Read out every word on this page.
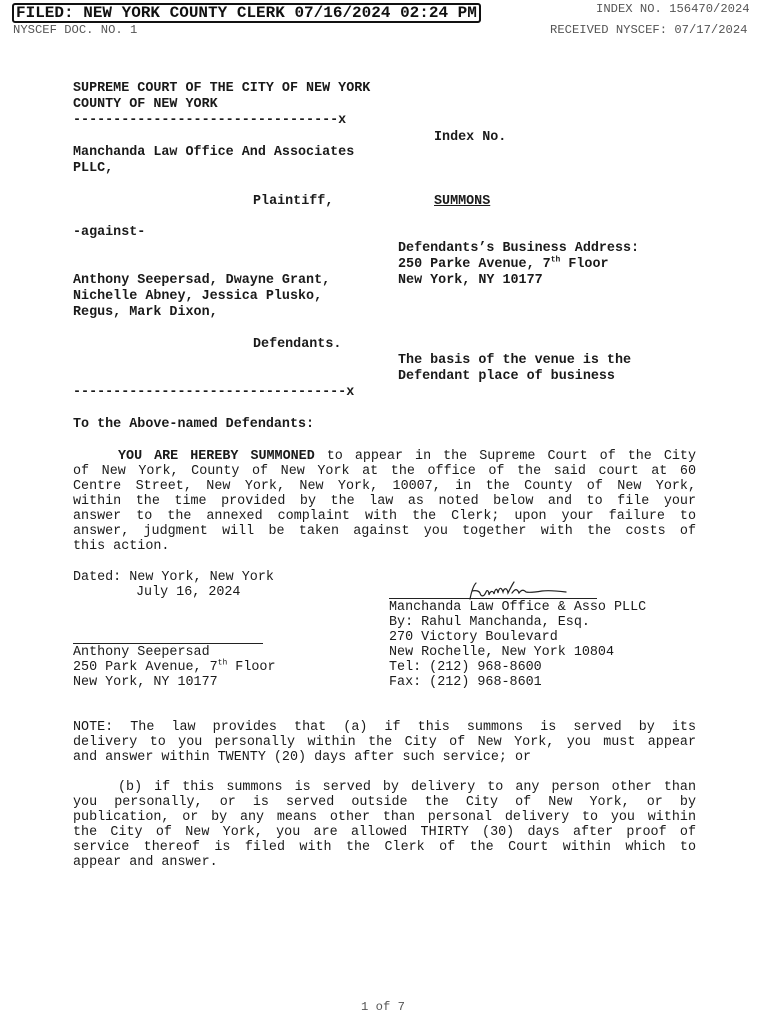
FILED: NEW YORK COUNTY CLERK 07/16/2024 02:24 PM
NYSCEF DOC. NO. 1
INDEX NO. 156470/2024
RECEIVED NYSCEF: 07/17/2024
SUPREME COURT OF THE CITY OF NEW YORK
COUNTY OF NEW YORK
---------------------------------x
Index No.
Manchanda Law Office And Associates
PLLC,
Plaintiff,	SUMMONS
-against-
Defendants’s Business Address:
250 Parke Avenue, 7th Floor
New York, NY 10177
Anthony Seepersad, Dwayne Grant,
Nichelle Abney, Jessica Plusko,
Regus, Mark Dixon,
Defendants.
The basis of the venue is the
Defendant place of business
----------------------------------x
To the Above-named Defendants:
YOU ARE HEREBY SUMMONED to appear in the Supreme Court of the City
of New York, County of New York at the office of the said court at 60
Centre Street, New York, New York, 10007, in the County of New York,
within the time provided by the law as noted below and to file your
answer to the annexed complaint with the Clerk; upon your failure to
answer, judgment will be taken against you together with the costs of
this action.

Dated: New York, New York
July 16, 2024
Manchanda Law Office & Asso PLLC
By: Rahul Manchanda, Esq.
270 Victory Boulevard
New Rochelle, New York 10804
Tel: (212) 968-8600
Fax: (212) 968-8601
Anthony Seepersad
250 Park Avenue, 7th Floor
New York, NY 10177
NOTE: The law provides that (a) if this summons is served by its
delivery to you personally within the City of New York, you must appear
and answer within TWENTY (20) days after such service; or
(b) if this summons is served by delivery to any person other than
you personally, or is served outside the City of New York, or by
publication, or by any means other than personal delivery to you within
the City of New York, you are allowed THIRTY (30) days after proof of
service thereof is filed with the Clerk of the Court within which to
appear and answer.
1 of 7
